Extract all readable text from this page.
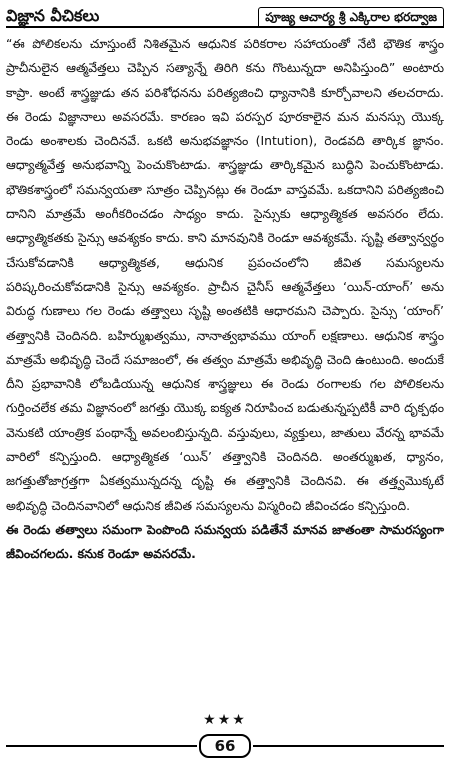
విజ్ఞాన వీచికలు	పూజ్య ఆచార్య శ్రీ ఎక్కిరాల భరద్వాజ

“ఈ పోలికలను చూస్తుంటే నిశితమైన ఆధునిక పరికరాల సహాయంతో నేటి భౌతిక శాస్త్రం ప్రాచీనులైన ఆత్మవేత్తలు చెప్పిన సత్యాన్నే తిరిగి కను గొంటున్నదా అనిపిస్తుంది” అంటారు కాప్రా. అంటే శాస్త్రజ్ఞుడు తన పరిశోధనను పరిత్యజించి ధ్యానానికి కూర్చోవాలని తలచరాదు. ఈ రెండు విజ్ఞానాలు అవసరమే. కారణం ఇవి పరస్పర పూరకాలైన మన మనస్సు యొక్క రెండు అంశాలకు చెందినవే. ఒకటి అనుభవజ్ఞానం (Intution), రెండవది తార్కిక జ్ఞానం. ఆధ్యాత్మవేత్త అనుభవాన్ని పెంచుకొంటాడు. శాస్త్రజ్ఞుడు తార్కికమైన బుద్ధిని పెంచుకొంటాడు. భౌతికశాస్త్రంలో సమన్వయతా సూత్రం చెప్పినట్లు ఈ రెండూ వాస్తవమే. ఒకదానిని పరిత్యజించి దానిని మాత్రమే అంగీకరించడం సాధ్యం కాదు. సైన్సుకు ఆధ్యాత్మికత అవసరం లేదు. ఆధ్యాత్మికతకు సైన్సు ఆవశ్యకం కాదు. కాని మానవునికి రెండూ ఆవశ్యకమే. సృష్టి తత్వాన్వర్థం చేసుకోవడానికి ఆధ్యాత్మికత, ఆధునిక ప్రపంచంలోని జీవిత సమస్యలను పరిష్కరించుకోవడానికి సైన్సు ఆవశ్యకం. ప్రాచీన చైనీస్ ఆత్మవేత్తలు ‘యిన్-యాంగ్’ అను విరుద్ధ గుణాలు గల రెండు తత్త్వాలు సృష్టి అంతటికి ఆధారమని చెప్పారు. సైన్సు ‘యాంగ్’ తత్త్వానికి చెందినది. బహిర్ముఖత్వము, నానాత్వభావము యాంగ్ లక్షణాలు. ఆధునిక శాస్త్రం మాత్రమే అభివృద్ధి చెందే సమాజంలో, ఈ తత్వం మాత్రమే అభివృద్ధి చెంది ఉంటుంది. అందుకే దీని ప్రభావానికి లోబడియున్న ఆధునిక శాస్త్రజ్ఞులు ఈ రెండు రంగాలకు గల పోలికలను గుర్తించలేక తమ విజ్ఞానంలో జగత్తు యొక్క ఐక్యత నిరూపించ బడుతున్నప్పటికీ వారి దృక్పథం వెనుకటి యాంత్రిక పంథాన్నే అవలంబిస్తున్నది. వస్తువులు, వ్యక్తులు, జాతులు వేరన్న భావమే వారిలో కన్పిస్తుంది. ఆధ్యాత్మికత ‘యిన్’ తత్త్వానికి చెందినది. అంతర్ముఖత, ధ్యానం, జగత్తుతోజాగ్రత్తగా ఏకత్వమున్నదన్న దృష్టి ఈ తత్త్వానికి చెందినవి. ఈ తత్త్వమొక్కటే అభివృద్ధి చెందినవానిలో ఆధునిక జీవిత సమస్యలను విస్మరించి జీవించడం కన్పిస్తుంది.

ఈ రెండు తత్వాలు సమంగా పెంపొంది సమన్వయ పడితేనే మానవ జాతంతా సామరస్యంగా జీవించగలదు. కనుక రెండూ అవసరమే.

★★★
66
